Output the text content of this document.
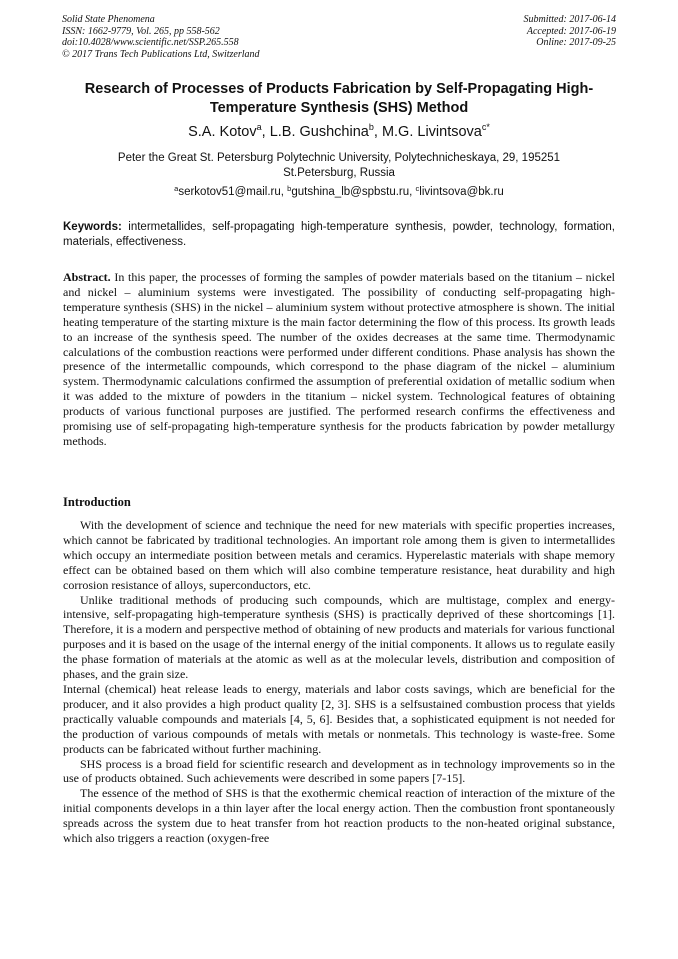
Solid State Phenomena
ISSN: 1662-9779, Vol. 265, pp 558-562
doi:10.4028/www.scientific.net/SSP.265.558
© 2017 Trans Tech Publications Ltd, Switzerland
Submitted: 2017-06-14
Accepted: 2017-06-19
Online: 2017-09-25
Research of Processes of Products Fabrication by Self-Propagating High-Temperature Synthesis (SHS) Method
S.A. Kotov$^a$, L.B. Gushchina$^b$, M.G. Livintsova$^{c*}$
Peter the Great St. Petersburg Polytechnic University, Polytechnicheskaya, 29, 195251 St.Petersburg, Russia
$^a$serkotov51@mail.ru, $^b$gutshina_lb@spbstu.ru, $^c$livintsova@bk.ru
Keywords: intermetallides, self-propagating high-temperature synthesis, powder, technology, formation, materials, effectiveness.
Abstract. In this paper, the processes of forming the samples of powder materials based on the titanium – nickel and nickel – aluminium systems were investigated. The possibility of conducting self-propagating high-temperature synthesis (SHS) in the nickel – aluminium system without protective atmosphere is shown. The initial heating temperature of the starting mixture is the main factor determining the flow of this process. Its growth leads to an increase of the synthesis speed. The number of the oxides decreases at the same time. Thermodynamic calculations of the combustion reactions were performed under different conditions. Phase analysis has shown the presence of the intermetallic compounds, which correspond to the phase diagram of the nickel – aluminium system. Thermodynamic calculations confirmed the assumption of preferential oxidation of metallic sodium when it was added to the mixture of powders in the titanium – nickel system. Technological features of obtaining products of various functional purposes are justified. The performed research confirms the effectiveness and promising use of self-propagating high-temperature synthesis for the products fabrication by powder metallurgy methods.
Introduction

With the development of science and technique the need for new materials with specific properties increases, which cannot be fabricated by traditional technologies. An important role among them is given to intermetallides which occupy an intermediate position between metals and ceramics. Hyperelastic materials with shape memory effect can be obtained based on them which will also combine temperature resistance, heat durability and high corrosion resistance of alloys, superconductors, etc.

Unlike traditional methods of producing such compounds, which are multistage, complex and energy-intensive, self-propagating high-temperature synthesis (SHS) is practically deprived of these shortcomings [1]. Therefore, it is a modern and perspective method of obtaining of new products and materials for various functional purposes and it is based on the usage of the internal energy of the initial components. It allows us to regulate easily the phase formation of materials at the atomic as well as at the molecular levels, distribution and composition of phases, and the grain size.

Internal (chemical) heat release leads to energy, materials and labor costs savings, which are beneficial for the producer, and it also provides a high product quality [2, 3]. SHS is a selfsustained combustion process that yields practically valuable compounds and materials [4, 5, 6]. Besides that, a sophisticated equipment is not needed for the production of various compounds of metals with metals or nonmetals. This technology is waste-free. Some products can be fabricated without further machining.

SHS process is a broad field for scientific research and development as in technology improvements so in the use of products obtained. Such achievements were described in some papers [7-15].

The essence of the method of SHS is that the exothermic chemical reaction of interaction of the mixture of the initial components develops in a thin layer after the local energy action. Then the combustion front spontaneously spreads across the system due to heat transfer from hot reaction products to the non-heated original substance, which also triggers a reaction (oxygen-free
